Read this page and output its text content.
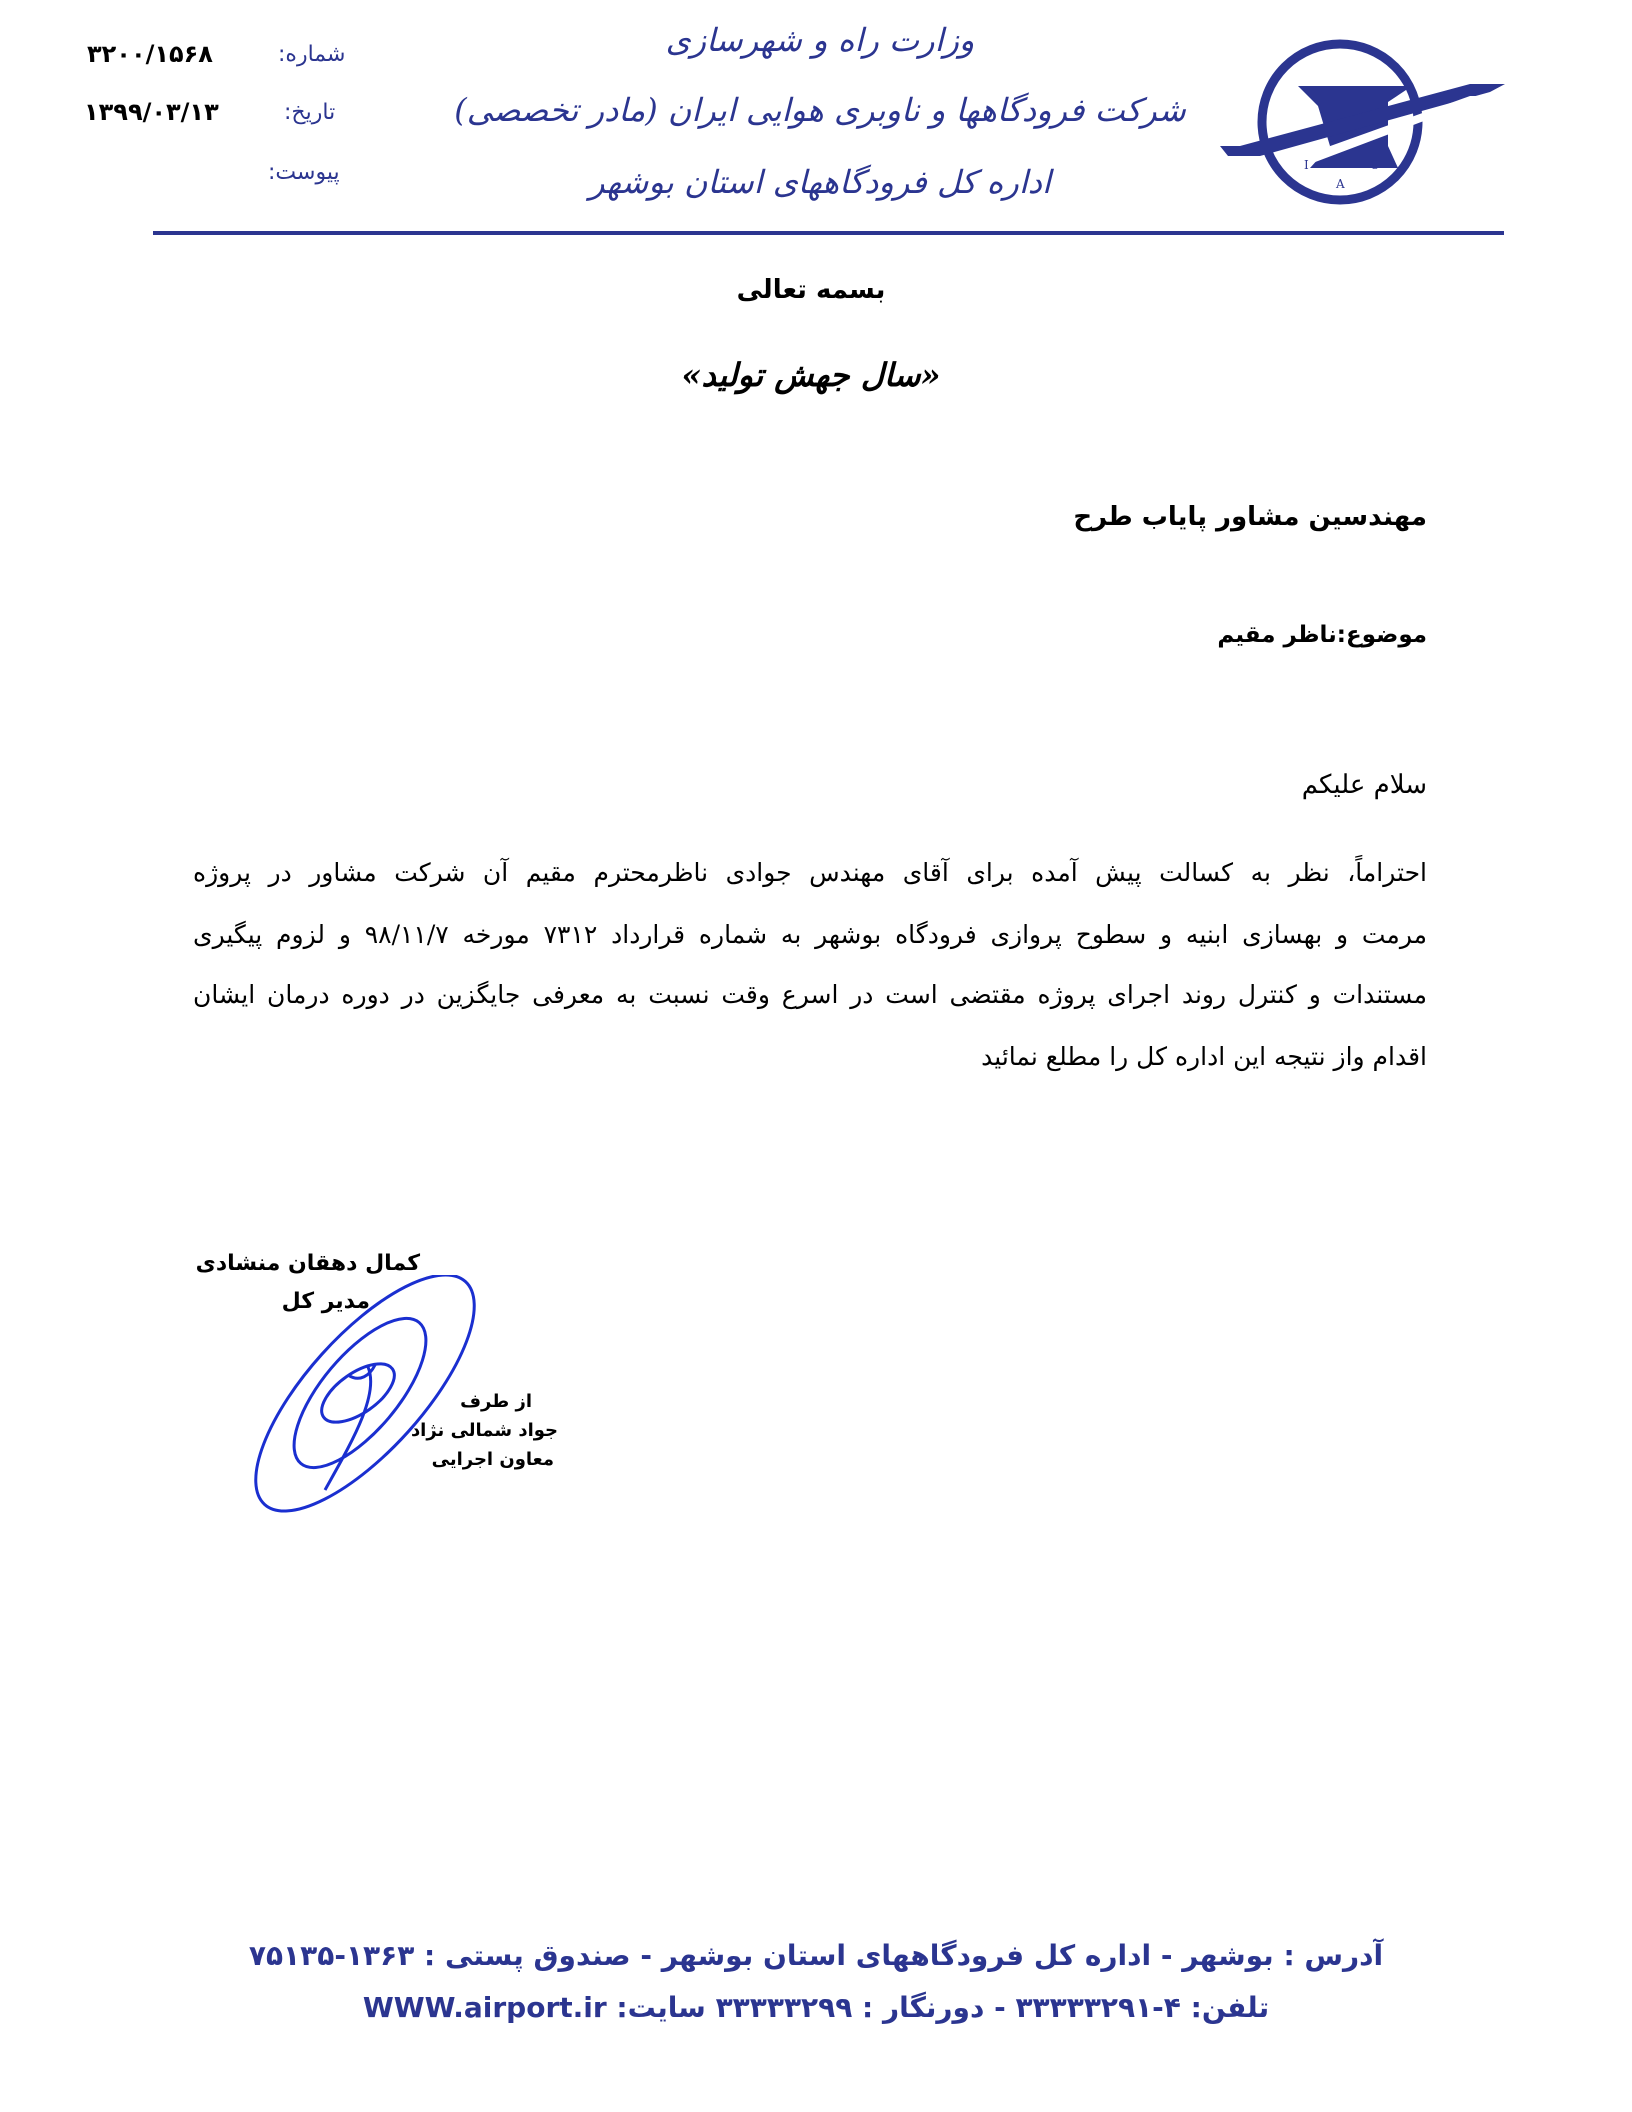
۳۲۰۰/۱۵۶۸	شماره:
۱۳۹۹/۰۳/۱۳	تاریخ:
پیوست:
وزارت راه و شهرسازی
شرکت فرودگاهها و ناوبری هوایی ایران (مادر تخصصی)
اداره کل فرودگاههای استان بوشهر	I	C
A
بسمه تعالی
«سال جهش تولید»
مهندسین مشاور پایاب طرح
موضوع:ناظر مقیم
سلام علیکم
احتراماً، نظر به کسالت پیش آمده برای آقای مهندس جوادی ناظرمحترم مقیم آن شرکت مشاور در پروژه
مرمت و بهسازی ابنیه و سطوح پروازی فرودگاه بوشهر به شماره قرارداد ۷۳۱۲ مورخه ۹۸/۱۱/۷ و لزوم پیگیری
مستندات و کنترل روند اجرای پروژه مقتضی است در اسرع وقت نسبت به معرفی جایگزین در دوره درمان ایشان
اقدام واز نتیجه این اداره کل را مطلع نمائید
کمال دهقان منشادی
مدیر کل
از طرف
جواد شمالی نژاد
معاون اجرایی
آدرس : بوشهر - اداره کل فرودگاههای استان بوشهر - صندوق پستی : ۱۳۶۳-۷۵۱۳۵
تلفن: ۴-۳۳۳۳۳۲۹۱ - دورنگار : ۳۳۳۳۳۲۹۹ سایت: WWW.airport.ir
